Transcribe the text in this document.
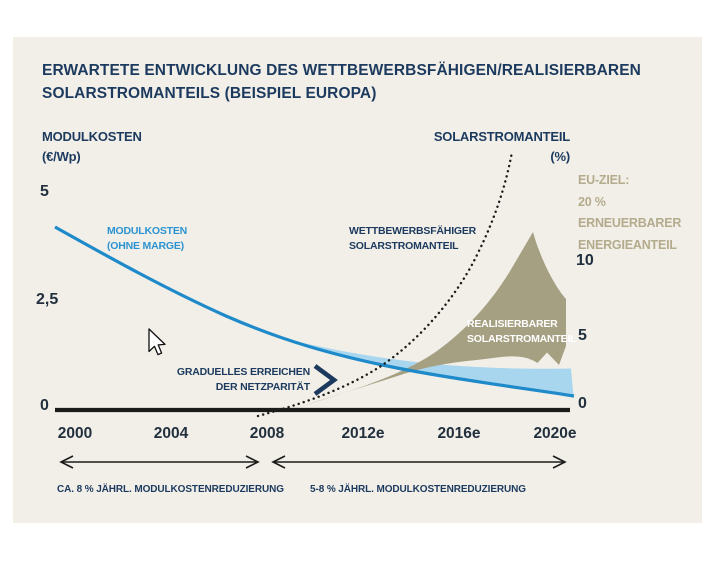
ERWARTETE ENTWICKLUNG DES WETTBEWERBSFÄHIGEN/REALISIERBAREN
SOLARSTROMANTEILS (BEISPIEL EUROPA)
MODULKOSTEN
(€/Wp)
SOLARSTROMANTEIL
(%)
EU-ZIEL:
20 %
ERNEUERBARER
ENERGIEANTEIL
5
2,5
0
10
5
0
2000	2004	2008	2012e	2016e	2020e
MODULKOSTEN
(OHNE MARGE)
WETTBEWERBSFÄHIGER
SOLARSTROMANTEIL
REALISIERBARER
SOLARSTROMANTEIL
GRADUELLES ERREICHEN
DER NETZPARITÄT
CA. 8 % JÄHRL. MODULKOSTENREDUZIERUNG	5-8 % JÄHRL. MODULKOSTENREDUZIERUNG
